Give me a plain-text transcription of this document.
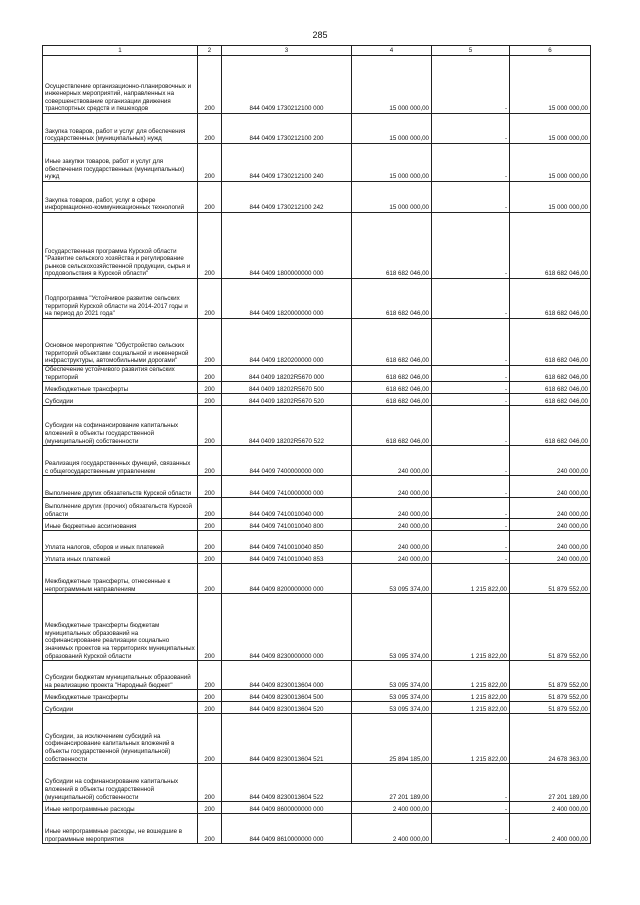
285
1	2	3	4	5	6
Осуществление организационно-планировочных и инженерных мероприятий, направленных на совершенствование организации движения транспортных средств и пешеходов	200	844 0409 1730212100 000	15 000 000,00	-	15 000 000,00
Закупка товаров, работ и услуг для обеспечения государственных (муниципальных) нужд	200	844 0409 1730212100 200	15 000 000,00	-	15 000 000,00
Иные закупки товаров, работ и услуг для обеспечения государственных (муниципальных) нужд	200	844 0409 1730212100 240	15 000 000,00	-	15 000 000,00
Закупка товаров, работ, услуг в сфере информационно-коммуникационных технологий	200	844 0409 1730212100 242	15 000 000,00	-	15 000 000,00
Государственная программа Курской области "Развитие сельского хозяйства и регулирование рынков сельскохозяйственной продукции, сырья и продовольствия в Курской области"	200	844 0409 1800000000 000	618 682 046,00	-	618 682 046,00
Подпрограмма "Устойчивое развитие сельских территорий Курской области на 2014-2017 годы и на период до 2021 года"	200	844 0409 1820000000 000	618 682 046,00	-	618 682 046,00
Основное мероприятие "Обустройство сельских территорий объектами социальной и инженерной инфраструктуры, автомобильными дорогами"	200	844 0409 1820200000 000	618 682 046,00	-	618 682 046,00
Обеспечение устойчивого развития сельских территорий	200	844 0409 18202R5670 000	618 682 046,00	-	618 682 046,00
Межбюджетные трансферты	200	844 0409 18202R5670 500	618 682 046,00	-	618 682 046,00
Субсидии	200	844 0409 18202R5670 520	618 682 046,00	-	618 682 046,00
Субсидии на софинансирование капитальных вложений в объекты государственной (муниципальной) собственности	200	844 0409 18202R5670 522	618 682 046,00	-	618 682 046,00
Реализация государственных функций, связанных с общегосударственным управлением	200	844 0409 7400000000 000	240 000,00	-	240 000,00
Выполнение других обязательств Курской области	200	844 0409 7410000000 000	240 000,00	-	240 000,00
Выполнение других (прочих) обязательств Курской области	200	844 0409 7410010040 000	240 000,00	-	240 000,00
Иные бюджетные ассигнования	200	844 0409 7410010040 800	240 000,00	-	240 000,00
Уплата налогов, сборов и иных платежей	200	844 0409 7410010040 850	240 000,00	-	240 000,00
Уплата иных платежей	200	844 0409 7410010040 853	240 000,00	-	240 000,00
Межбюджетные трансферты, отнесенные к непрограммным направлениям	200	844 0409 8200000000 000	53 095 374,00	1 215 822,00	51 879 552,00
Межбюджетные трансферты бюджетам муниципальных образований на софинансирование реализации социально значимых проектов на территориях муниципальных образований Курской области	200	844 0409 8230000000 000	53 095 374,00	1 215 822,00	51 879 552,00
Субсидии бюджетам муниципальных образований на реализацию проекта "Народный бюджет"	200	844 0409 8230013604 000	53 095 374,00	1 215 822,00	51 879 552,00
Межбюджетные трансферты	200	844 0409 8230013604 500	53 095 374,00	1 215 822,00	51 879 552,00
Субсидии	200	844 0409 8230013604 520	53 095 374,00	1 215 822,00	51 879 552,00
Субсидии, за исключением субсидий на софинансирование капитальных вложений в объекты государственной (муниципальной) собственности	200	844 0409 8230013604 521	25 894 185,00	1 215 822,00	24 678 363,00
Субсидии на софинансирование капитальных вложений в объекты государственной (муниципальной) собственности	200	844 0409 8230013604 522	27 201 189,00	-	27 201 189,00
Иные непрограммные расходы	200	844 0409 8600000000 000	2 400 000,00	-	2 400 000,00
Иные непрограммные расходы, не вошедшие в программные мероприятия	200	844 0409 8610000000 000	2 400 000,00	-	2 400 000,00
